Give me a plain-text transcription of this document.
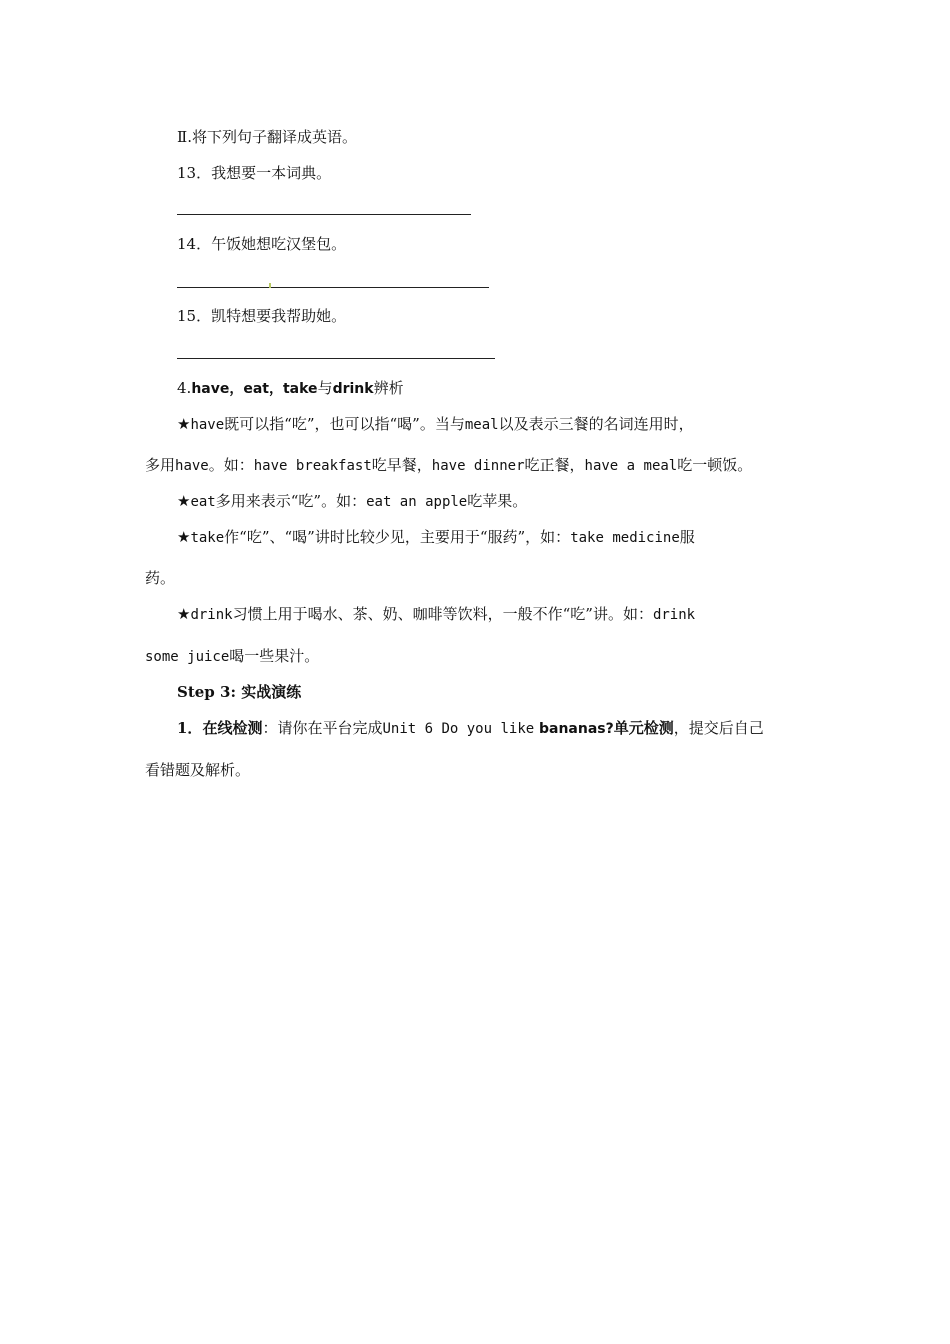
Ⅱ.将下列句子翻译成英语。
13．我想要一本词典。
14．午饭她想吃汉堡包。
15．凯特想要我帮助她。
4.have，eat，take与drink辨析
★have既可以指“吃”，也可以指“喝”。当与meal以及表示三餐的名词连用时，
多用have。如：have breakfast吃早餐，have dinner吃正餐，have a meal吃一顿饭。
★eat多用来表示“吃”。如：eat an apple吃苹果。
★take作“吃”、“喝”讲时比较少见，主要用于“服药”，如：take medicine服
药。
★drink习惯上用于喝水、茶、奶、咖啡等饮料，一般不作“吃”讲。如：drink
some juice喝一些果汁。
Step 3: 实战演练
1．在线检测：请你在平台完成Unit 6 Do you like bananas?单元检测，提交后自己
看错题及解析。
